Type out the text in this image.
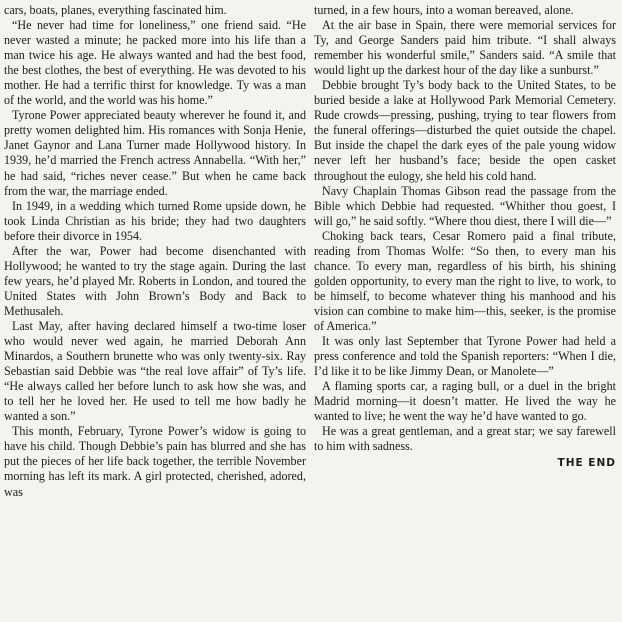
cars, boats, planes, everything fascinated him.

“He never had time for loneliness,” one friend said. “He never wasted a minute; he packed more into his life than a man twice his age. He always wanted and had the best food, the best clothes, the best of everything. He was devoted to his mother. He had a terrific thirst for knowledge. Ty was a man of the world, and the world was his home.”

Tyrone Power appreciated beauty wherever he found it, and pretty women delighted him. His romances with Sonja Henie, Janet Gaynor and Lana Turner made Hollywood history. In 1939, he’d married the French actress Annabella. “With her,” he had said, “riches never cease.” But when he came back from the war, the marriage ended.

In 1949, in a wedding which turned Rome upside down, he took Linda Christian as his bride; they had two daughters before their divorce in 1954.

After the war, Power had become disenchanted with Hollywood; he wanted to try the stage again. During the last few years, he’d played Mr. Roberts in London, and toured the United States with John Brown’s Body and Back to Methusaleh.

Last May, after having declared himself a two-time loser who would never wed again, he married Deborah Ann Minardos, a Southern brunette who was only twenty-six. Ray Sebastian said Debbie was “the real love affair” of Ty’s life. “He always called her before lunch to ask how she was, and to tell her he loved her. He used to tell me how badly he wanted a son.”

This month, February, Tyrone Power’s widow is going to have his child. Though Debbie’s pain has blurred and she has put the pieces of her life back together, the terrible November morning has left its mark. A girl protected, cherished, adored, was

turned, in a few hours, into a woman bereaved, alone.

At the air base in Spain, there were memorial services for Ty, and George Sanders paid him tribute. “I shall always remember his wonderful smile,” Sanders said. “A smile that would light up the darkest hour of the day like a sunburst.”

Debbie brought Ty’s body back to the United States, to be buried beside a lake at Hollywood Park Memorial Cemetery. Rude crowds—pressing, pushing, trying to tear flowers from the funeral offerings—disturbed the quiet outside the chapel. But inside the chapel the dark eyes of the pale young widow never left her husband’s face; beside the open casket throughout the eulogy, she held his cold hand.

Navy Chaplain Thomas Gibson read the passage from the Bible which Debbie had requested. “Whither thou goest, I will go,” he said softly. “Where thou diest, there I will die—”

Choking back tears, Cesar Romero paid a final tribute, reading from Thomas Wolfe: “So then, to every man his chance. To every man, regardless of his birth, his shining golden opportunity, to every man the right to live, to work, to be himself, to become whatever thing his manhood and his vision can combine to make him—this, seeker, is the promise of America.”

It was only last September that Tyrone Power had held a press conference and told the Spanish reporters: “When I die, I’d like it to be like Jimmy Dean, or Manolete—”

A flaming sports car, a raging bull, or a duel in the bright Madrid morning—it doesn’t matter. He lived the way he wanted to live; he went the way he’d have wanted to go.

He was a great gentleman, and a great star; we say farewell to him with sadness.

THE END
